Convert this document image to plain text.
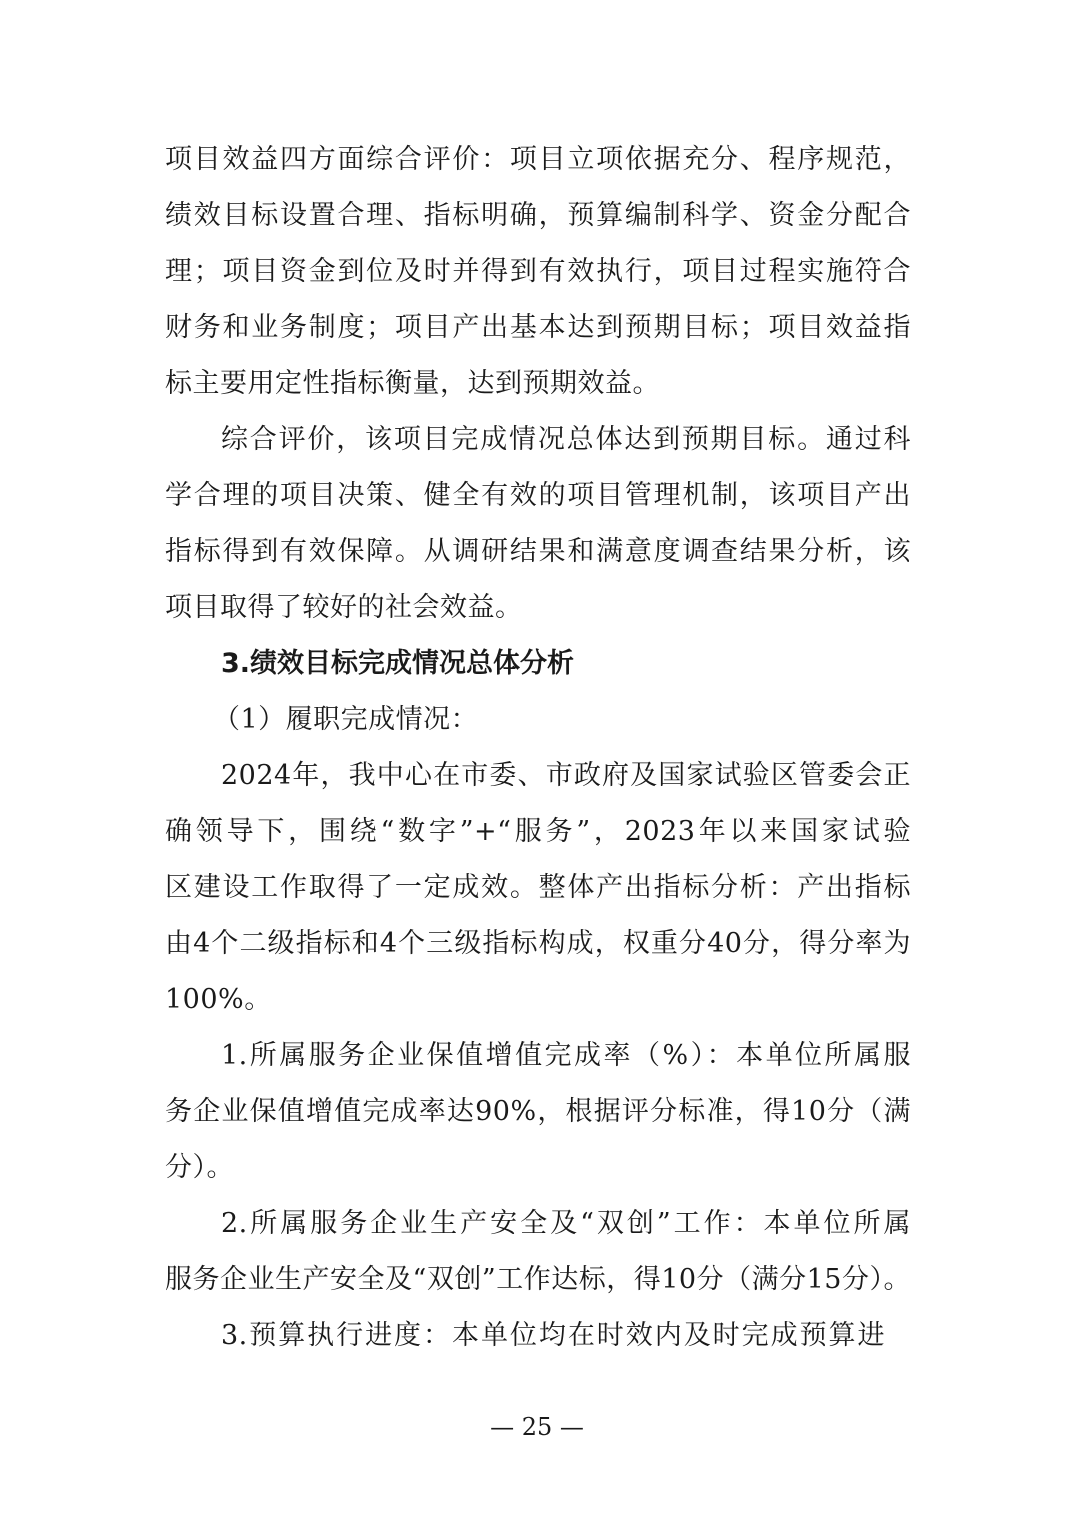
项目效益四方面综合评价：项目立项依据充分、程序规范，
绩效目标设置合理、指标明确，预算编制科学、资金分配合
理；项目资金到位及时并得到有效执行，项目过程实施符合
财务和业务制度；项目产出基本达到预期目标；项目效益指
标主要用定性指标衡量，达到预期效益。
综合评价，该项目完成情况总体达到预期目标。通过科
学合理的项目决策、健全有效的项目管理机制，该项目产出
指标得到有效保障。从调研结果和满意度调查结果分析，该
项目取得了较好的社会效益。
3.绩效目标完成情况总体分析
（1）履职完成情况：
2024年，我中心在市委、市政府及国家试验区管委会正
确领导下，围绕“数字”+“服务”，2023年以来国家试验
区建设工作取得了一定成效。整体产出指标分析：产出指标
由4个二级指标和4个三级指标构成，权重分40分，得分率为
100%。
1.所属服务企业保值增值完成率（%）：本单位所属服
务企业保值增值完成率达90%，根据评分标准，得10分（满
分）。
2.所属服务企业生产安全及“双创”工作：本单位所属
服务企业生产安全及“双创”工作达标，得10分（满分15分）。
3.预算执行进度：本单位均在时效内及时完成预算进
— 25 —
